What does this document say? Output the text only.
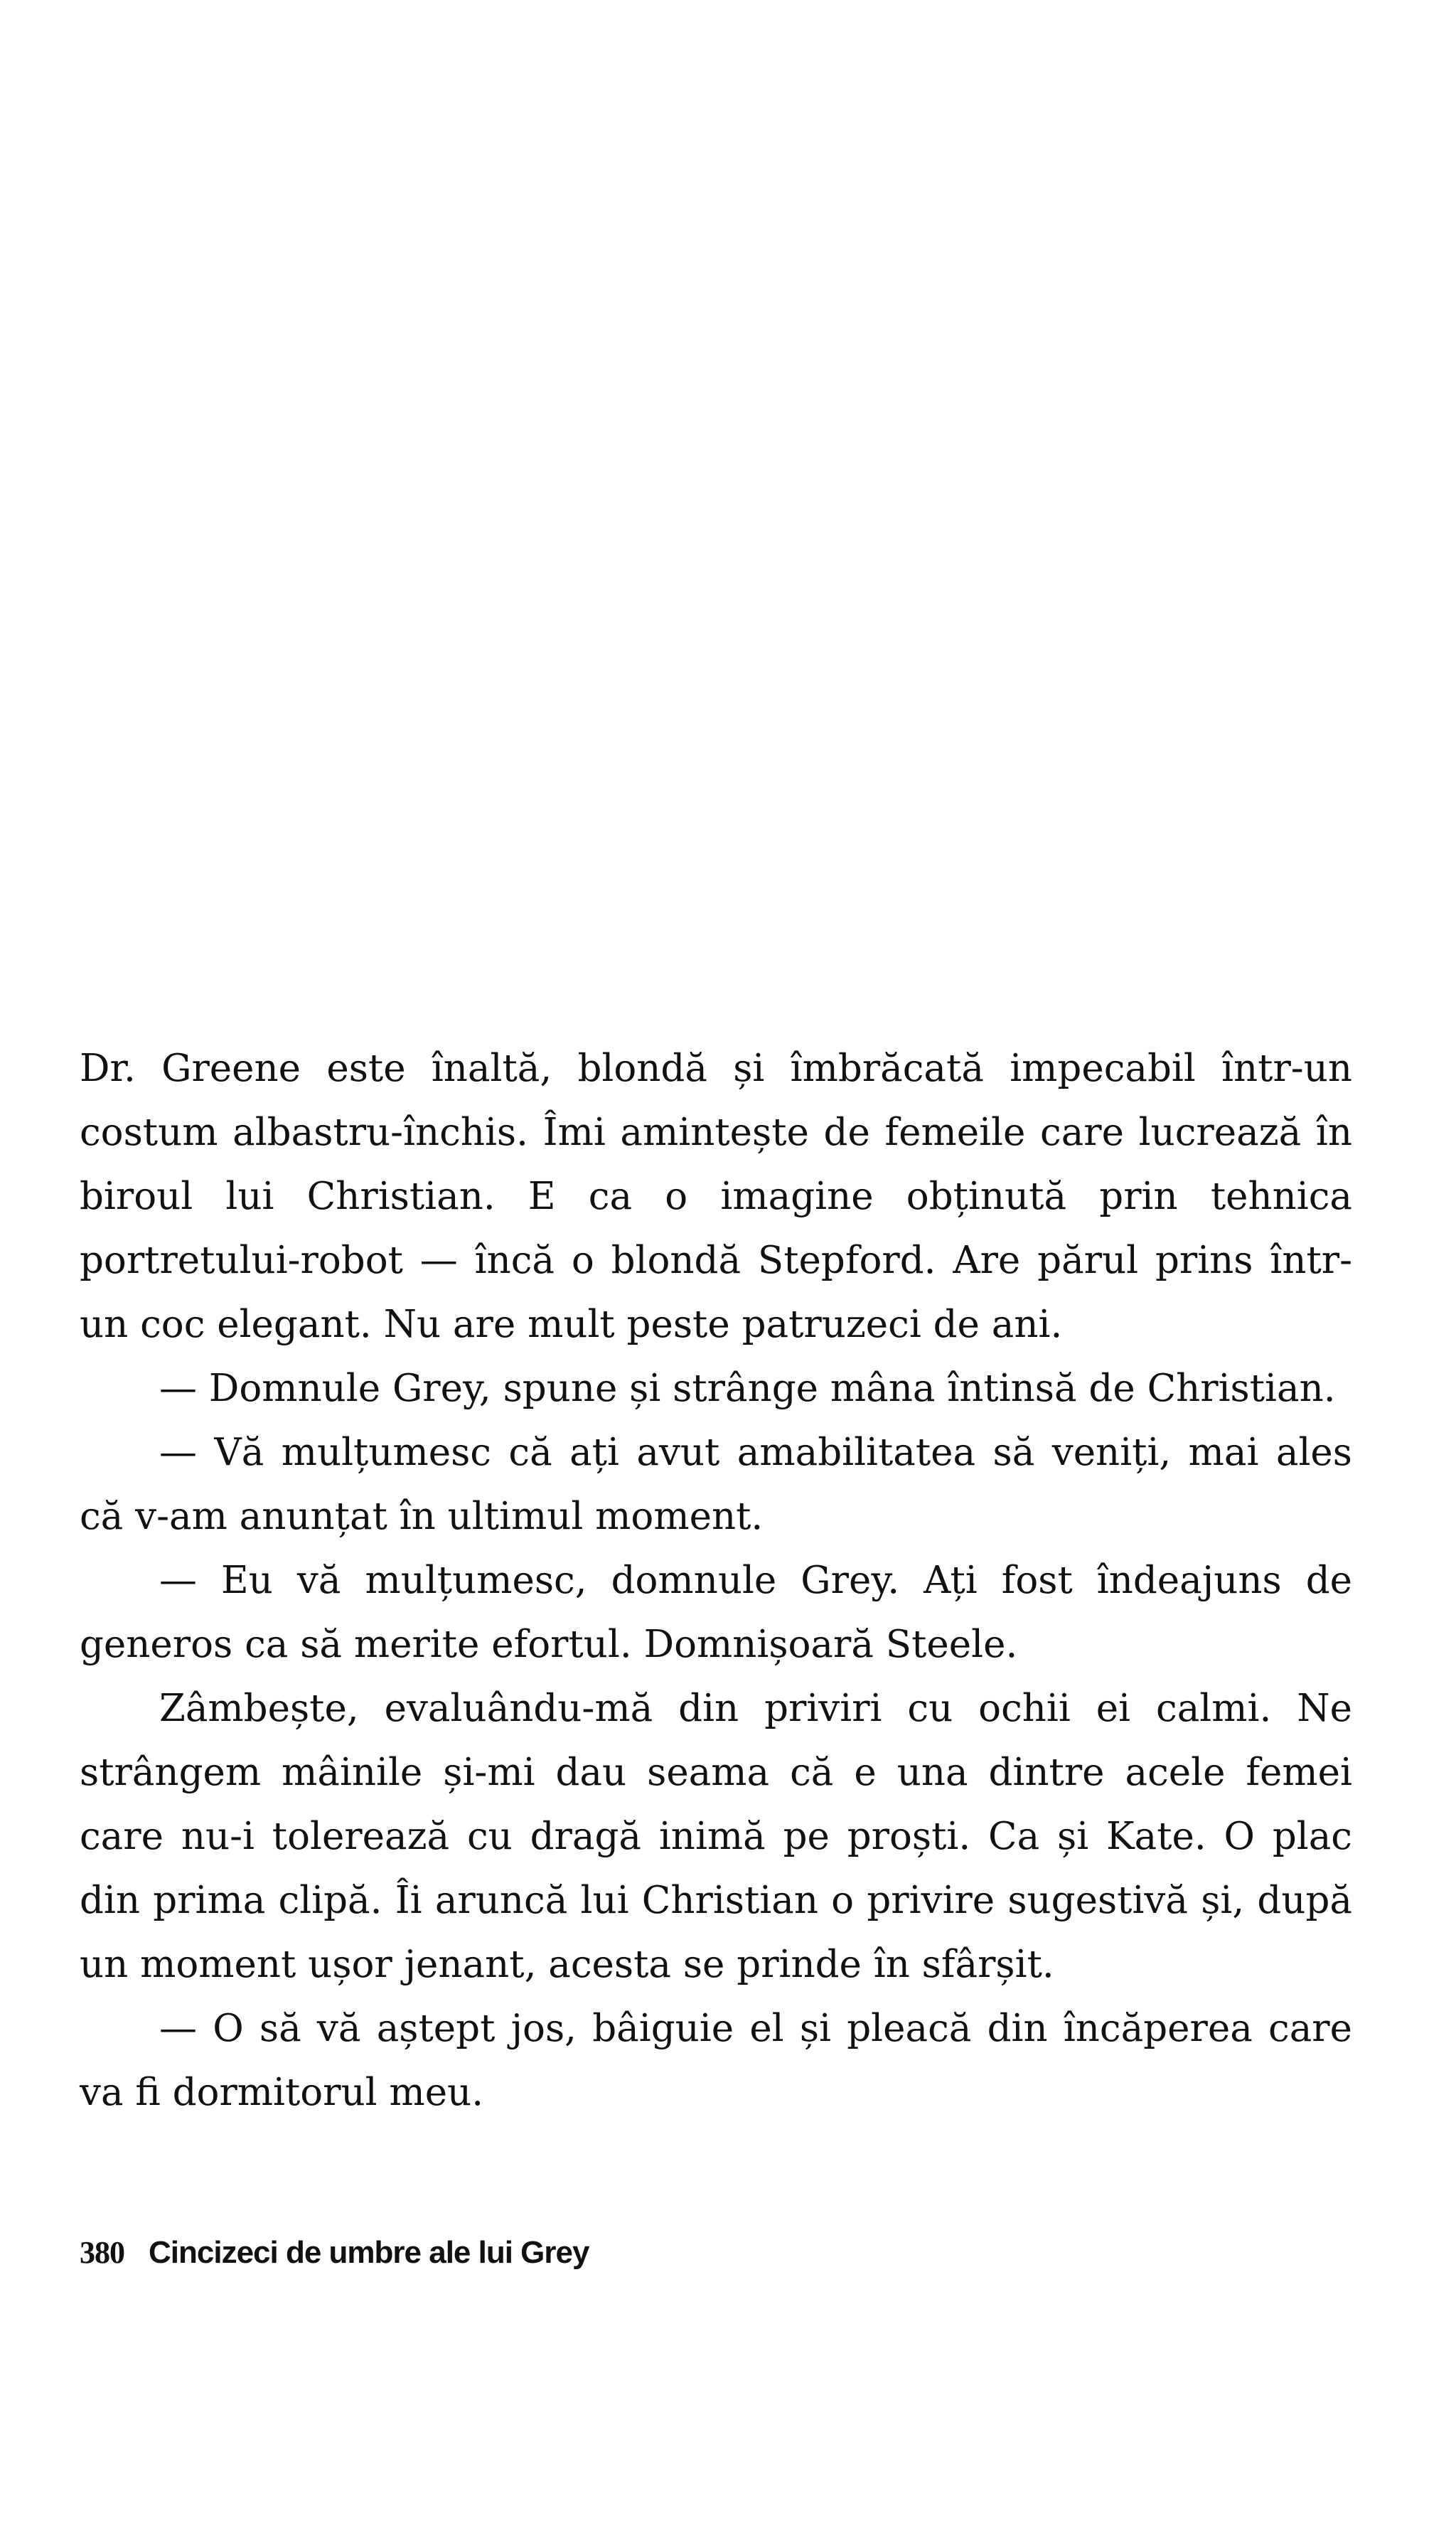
Dr. Greene este înaltă, blondă și îmbrăcată impecabil într-un costum albastru-închis. Îmi amintește de femeile care lucrează în biroul lui Christian. E ca o imagine obținută prin tehnica portretului-robot — încă o blondă Stepford. Are părul prins într-un coc elegant. Nu are mult peste patruzeci de ani.

— Domnule Grey, spune și strânge mâna întinsă de Christian.

— Vă mulțumesc că ați avut amabilitatea să veniți, mai ales că v-am anunțat în ultimul moment.

— Eu vă mulțumesc, domnule Grey. Ați fost îndeajuns de generos ca să merite efortul. Domnișoară Steele.

Zâmbește, evaluându-mă din priviri cu ochii ei calmi. Ne strângem mâinile și-mi dau seama că e una dintre acele femei care nu-i tolerează cu dragă inimă pe proști. Ca și Kate. O plac din prima clipă. Îi aruncă lui Christian o privire sugestivă și, după un moment ușor jenant, acesta se prinde în sfârșit.

— O să vă aștept jos, bâiguie el și pleacă din încăperea care va fi dormitorul meu.

380 Cincizeci de umbre ale lui Grey
